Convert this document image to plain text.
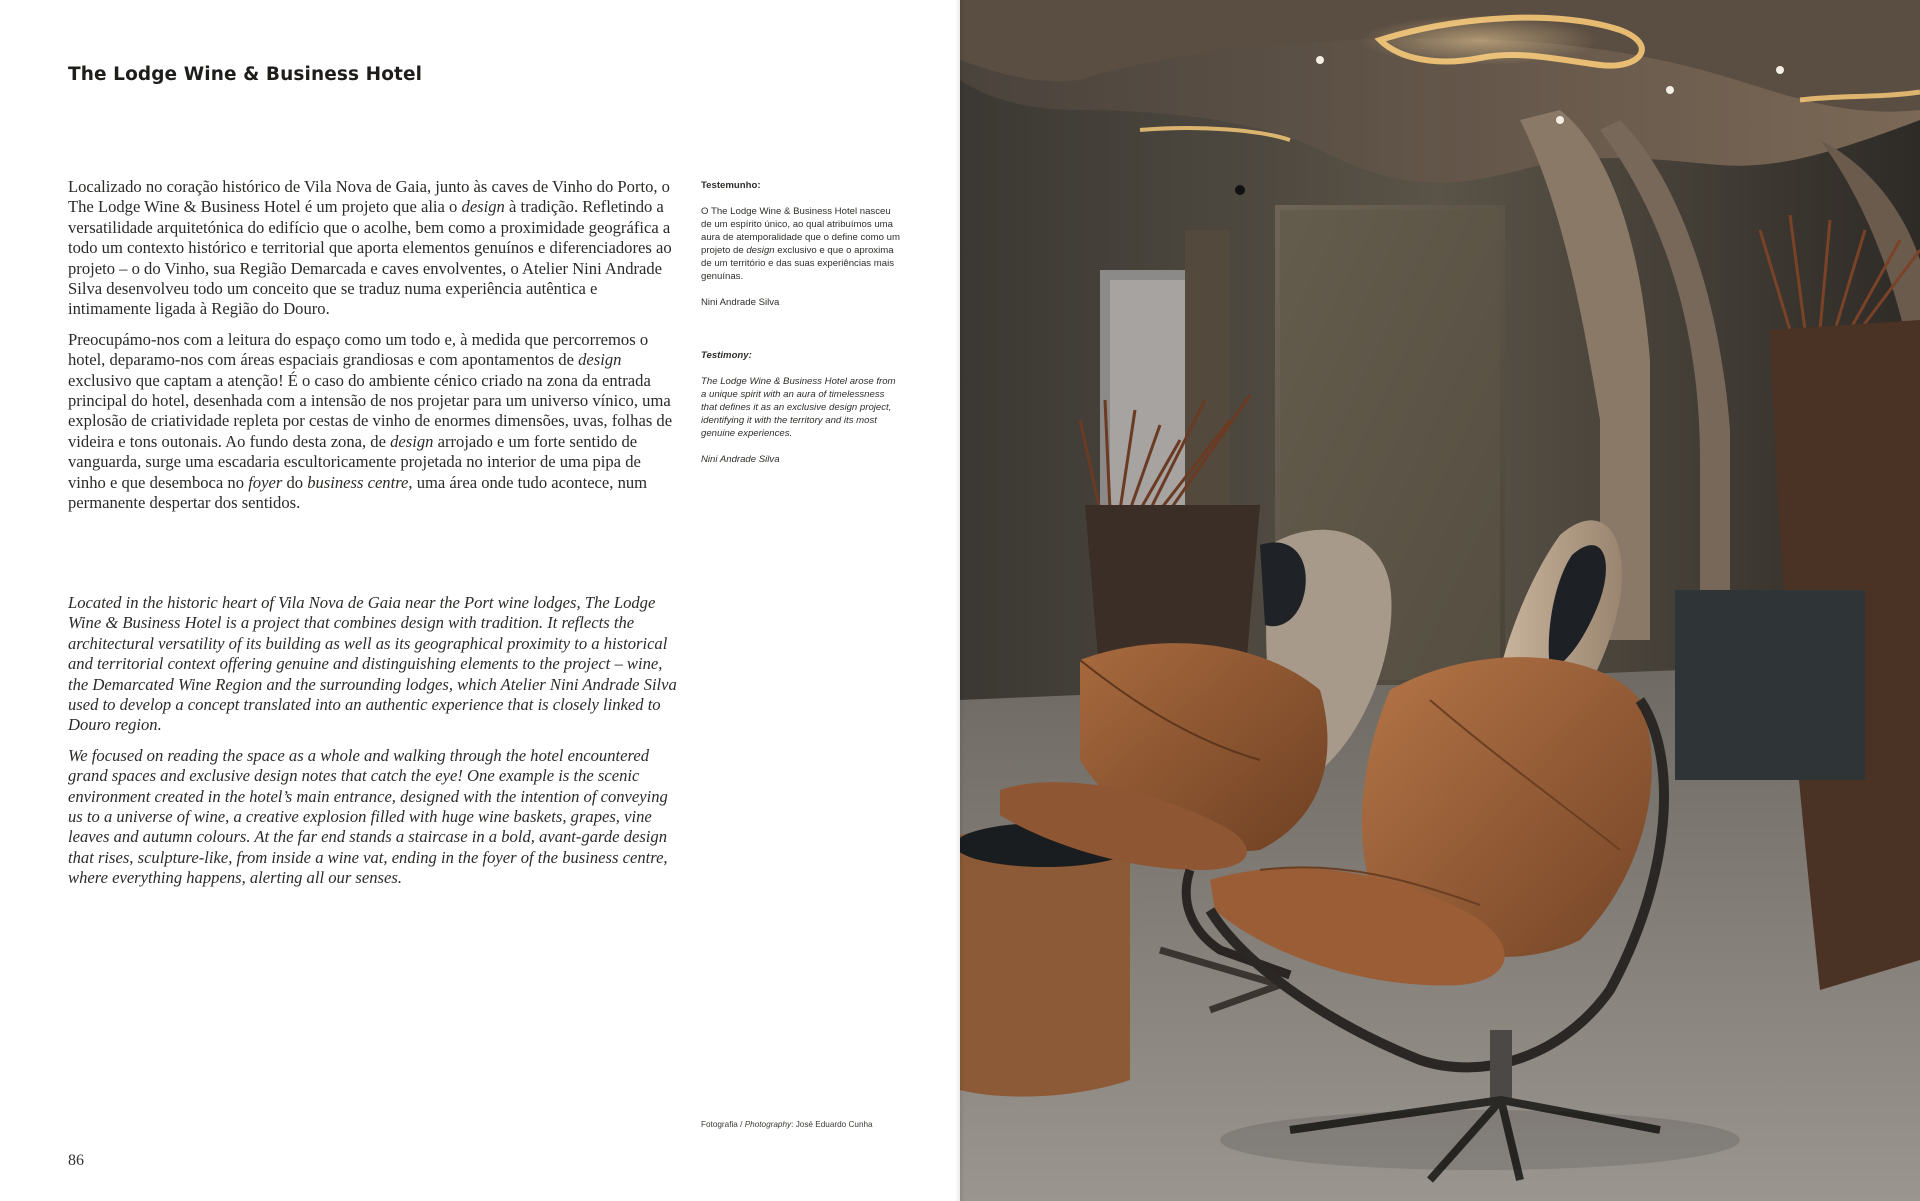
The Lodge Wine & Business Hotel

Localizado no coração histórico de Vila Nova de Gaia, junto às caves de Vinho do Porto, o The Lodge Wine & Business Hotel é um projeto que alia o design à tradição. Refletindo a versatilidade arquitetónica do edifício que o acolhe, bem como a proximidade geográfica a todo um contexto histórico e territorial que aporta elementos genuínos e diferenciadores ao projeto – o do Vinho, sua Região Demarcada e caves envolventes, o Atelier Nini Andrade Silva desenvolveu todo um conceito que se traduz numa experiência autêntica e intimamente ligada à Região do Douro.

Preocupámo-nos com a leitura do espaço como um todo e, à medida que percorremos o hotel, deparamo-nos com áreas espaciais grandiosas e com apontamentos de design exclusivo que captam a atenção! É o caso do ambiente cénico criado na zona da entrada principal do hotel, desenhada com a intensão de nos projetar para um universo vínico, uma explosão de criatividade repleta por cestas de vinho de enormes dimensões, uvas, folhas de videira e tons outonais. Ao fundo desta zona, de design arrojado e um forte sentido de vanguarda, surge uma escadaria escultoricamente projetada no interior de uma pipa de vinho e que desemboca no foyer do business centre, uma área onde tudo acontece, num permanente despertar dos sentidos.

Located in the historic heart of Vila Nova de Gaia near the Port wine lodges, The Lodge Wine & Business Hotel is a project that combines design with tradition. It reflects the architectural versatility of its building as well as its geographical proximity to a historical and territorial context offering genuine and distinguishing elements to the project – wine, the Demarcated Wine Region and the surrounding lodges, which Atelier Nini Andrade Silva used to develop a concept translated into an authentic experience that is closely linked to Douro region.

We focused on reading the space as a whole and walking through the hotel encountered grand spaces and exclusive design notes that catch the eye! One example is the scenic environment created in the hotel’s main entrance, designed with the intention of conveying us to a universe of wine, a creative explosion filled with huge wine baskets, grapes, vine leaves and autumn colours. At the far end stands a staircase in a bold, avant-garde design that rises, sculpture-like, from inside a wine vat, ending in the foyer of the business centre, where everything happens, alerting all our senses.

Testemunho:

O The Lodge Wine & Business Hotel nasceu de um espírito único, ao qual atribuímos uma aura de atemporalidade que o define como um projeto de design exclusivo e que o aproxima de um território e das suas experiências mais genuínas.

Nini Andrade Silva

Testimony:

The Lodge Wine & Business Hotel arose from a unique spirit with an aura of timelessness that defines it as an exclusive design project, identifying it with the territory and its most genuine experiences.

Nini Andrade Silva

Fotografia / Photography: José Eduardo Cunha
86
